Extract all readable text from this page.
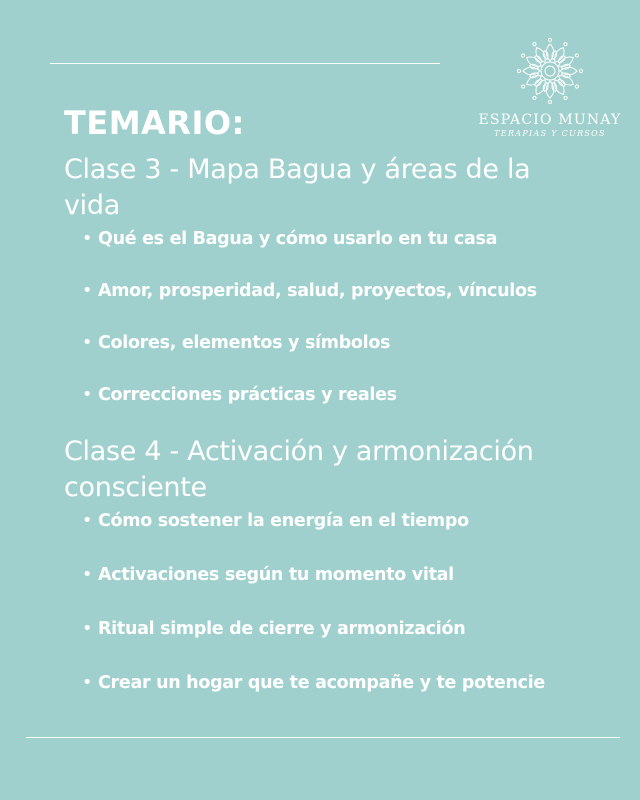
ESPACIO MUNAY
TERAPIAS Y CURSOS
TEMARIO:
Clase 3 - Mapa Bagua y áreas de la vida
• Qué es el Bagua y cómo usarlo en tu casa
• Amor, prosperidad, salud, proyectos, vínculos
• Colores, elementos y símbolos
• Correcciones prácticas y reales
Clase 4 - Activación y armonización consciente
• Cómo sostener la energía en el tiempo
• Activaciones según tu momento vital
• Ritual simple de cierre y armonización
• Crear un hogar que te acompañe y te potencie
